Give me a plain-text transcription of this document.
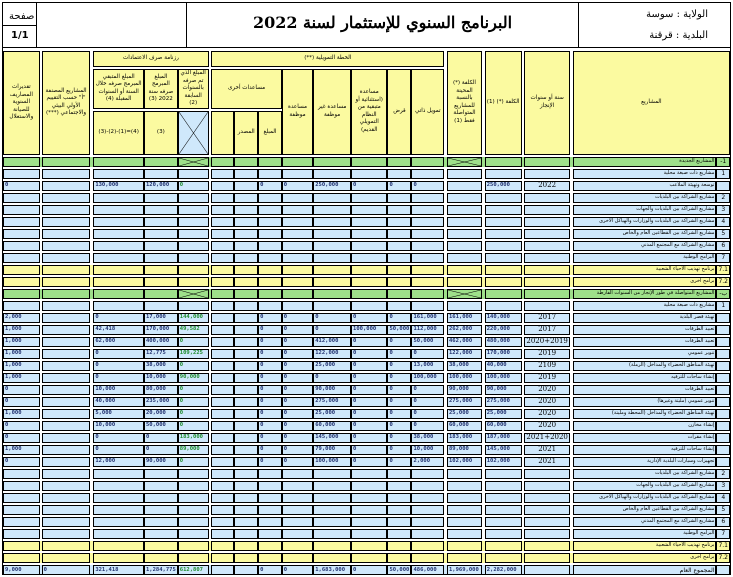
صفحة
1/1
البرنامج السنوي للإستثمار لسنة 2022	الولاية : سوسة
البلدية : قرقنة
المشاريع			سنة أو سنوات الإنجاز		الكلفة (*) (1)		الكلفة (*) المحينة بالنسبة للمشاريع المتواصلة فقط (1)		الخطة التمويلية (**)									رزنامة صرف الاعتمادات				المشاريع المصنفة "أ" حسب التقييم الأولي البيئي والاجتماعي (***)		تقديرات المصاريف السنوية للصيانة والاستغلال
									تمويل ذاتي	قرض	مساعدة (استثنائية أو متبقية من النظام التمويلي القديم)	مساعدة غير موظفة	مساعدة موظفة	مساعدات أخرى				المبلغ الذي تم صرفه بالسنوات السابقة (2)	المبلغ المبرمج صرفه سنة 2022 (3)	المبلغ المتبقي المبرمج صرفه خلال السنة أو السنوات المقبلة (4)				
														المبلغ	المصدر				(3)	(4)=(1)-(2)-(3)				
1-	المشاريع الجديدة																							
1	مشاريع ذات صبغة محلية																							
	توسعة وتهيئة الملاعب		2022		250,000				0	0	0	250,000	0	0				0	120,000	130,000				0
2	مشاريع الشراكة بين البلديات																							
3	مشاريع الشراكة بين البلديات والجهات																							
4	مشاريع الشراكة بين البلديات والوزارات والهياكل الأخرى																							
5	مشاريع الشراكة بين القطاعين العام والخاص																							
6	مشاريع الشراكة مع المجتمع المدني																							
7	البرامج الوطنية																							
7.1	برنامج تهذيب الأحياء الشعبية																							
7.2	برامج أخرى																							
ب-	المشاريع المتواصلة في طور الإنجاز من السنوات الفارطة																							
1	مشاريع ذات صبغة محلية																							
	تهيئة قصر البلدية		2017		140,000		161,000		161,000	0	0	0	0	0				144,000	17,000	0				2,000
	تعبيد الطرقات		2017		220,000		262,000		112,000	50,000	100,000	0	0	0				49,582	170,000	42,418				1,000
	تعبيد الطرقات		2020+2019		480,000		462,000		50,000	0	0	412,000	0	0				0	400,000	62,000				1,000
	تنوير عمومي		2019		170,000		122,000		0	0	0	122,000	0	0				109,225	12,775	0				1,000
	تهيئة المناطق الخضراء والمداخل (الرملة)		2109		40,000		38,000		13,000	0	0	25,000	0	0				0	38,000	0				1,000
	إنشاء ساحات للترفيه		2019		100,000		100,000		100,000	0	0	0	0	0				90,000	10,000	0				1,000
	تعبيد الطرقات		2020		90,000		90,000		0	0	0	90,000	0	0				0	80,000	10,000				0
	تنوير عمومي (مليتة وغيرها)		2020		275,000		275,000		0	0	0	275,000	0	0				0	235,000	40,000				0
	تهيئة المناطق الخضراء والمداخل (المحطة ومليتة)		2020		25,000		25,000		0	0	0	25,000	0	0				0	20,000	5,000				1,000
	إنشاء مخازن		2020		60,000		60,000		0	0	0	60,000	0	0				0	50,000	10,000				0
	إنشاء مقرات		2021+2020		187,000		183,000		38,000	0	0	145,000	0	0				183,000	0	0				0
	إنشاء ساحات للترفيه		2021		145,000		89,000		10,000	0	0	79,000	0	0				89,000	0	0				1,000
	تجهيزات وسيارات البلدية الإدارية		2021		102,000		102,000		2,000	0	0	100,000	0	0				0	90,000	12,000				0
2	مشاريع الشراكة بين البلديات																							
3	مشاريع الشراكة بين البلديات والجهات																							
4	مشاريع الشراكة بين البلديات والوزارات والهياكل الأخرى																							
5	مشاريع الشراكة بين القطاعين العام والخاص																							
6	مشاريع الشراكة مع المجتمع المدني																							
7	البرامج الوطنية																							
7.1	برنامج تهذيب الأحياء الشعبية																							
7.2	برامج أخرى																							
	المجموع العام				2,282,000		1,969,000		486,000	50,000	0	1,683,000	0	0				612,807	1,284,775	321,418		0		9,000
